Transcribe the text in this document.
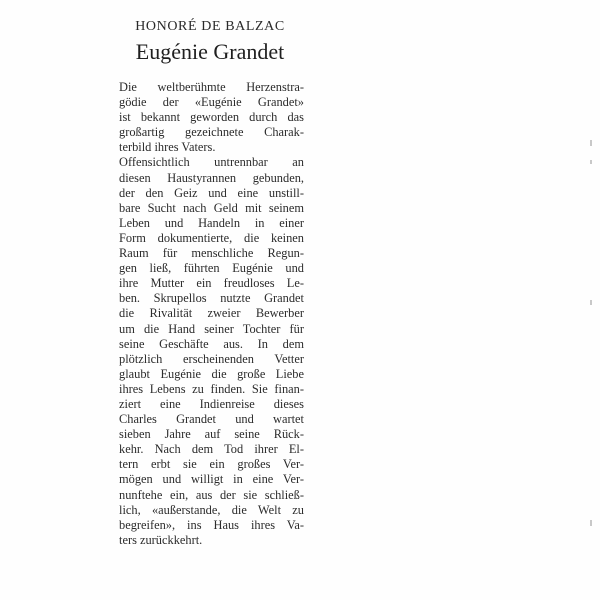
HONORÉ DE BALZAC
Eugénie Grandet
Die weltberühmte Herzenstra-
gödie der «Eugénie Grandet»
ist bekannt geworden durch das
großartig gezeichnete Charak-
terbild ihres Vaters.
Offensichtlich untrennbar an
diesen Haustyrannen gebunden,
der den Geiz und eine unstill-
bare Sucht nach Geld mit seinem
Leben und Handeln in einer
Form dokumentierte, die keinen
Raum für menschliche Regun-
gen ließ, führten Eugénie und
ihre Mutter ein freudloses Le-
ben. Skrupellos nutzte Grandet
die Rivalität zweier Bewerber
um die Hand seiner Tochter für
seine Geschäfte aus. In dem
plötzlich erscheinenden Vetter
glaubt Eugénie die große Liebe
ihres Lebens zu finden. Sie finan-
ziert eine Indienreise dieses
Charles Grandet und wartet
sieben Jahre auf seine Rück-
kehr. Nach dem Tod ihrer El-
tern erbt sie ein großes Ver-
mögen und willigt in eine Ver-
nunftehe ein, aus der sie schließ-
lich, «außerstande, die Welt zu
begreifen», ins Haus ihres Va-
ters zurückkehrt.
